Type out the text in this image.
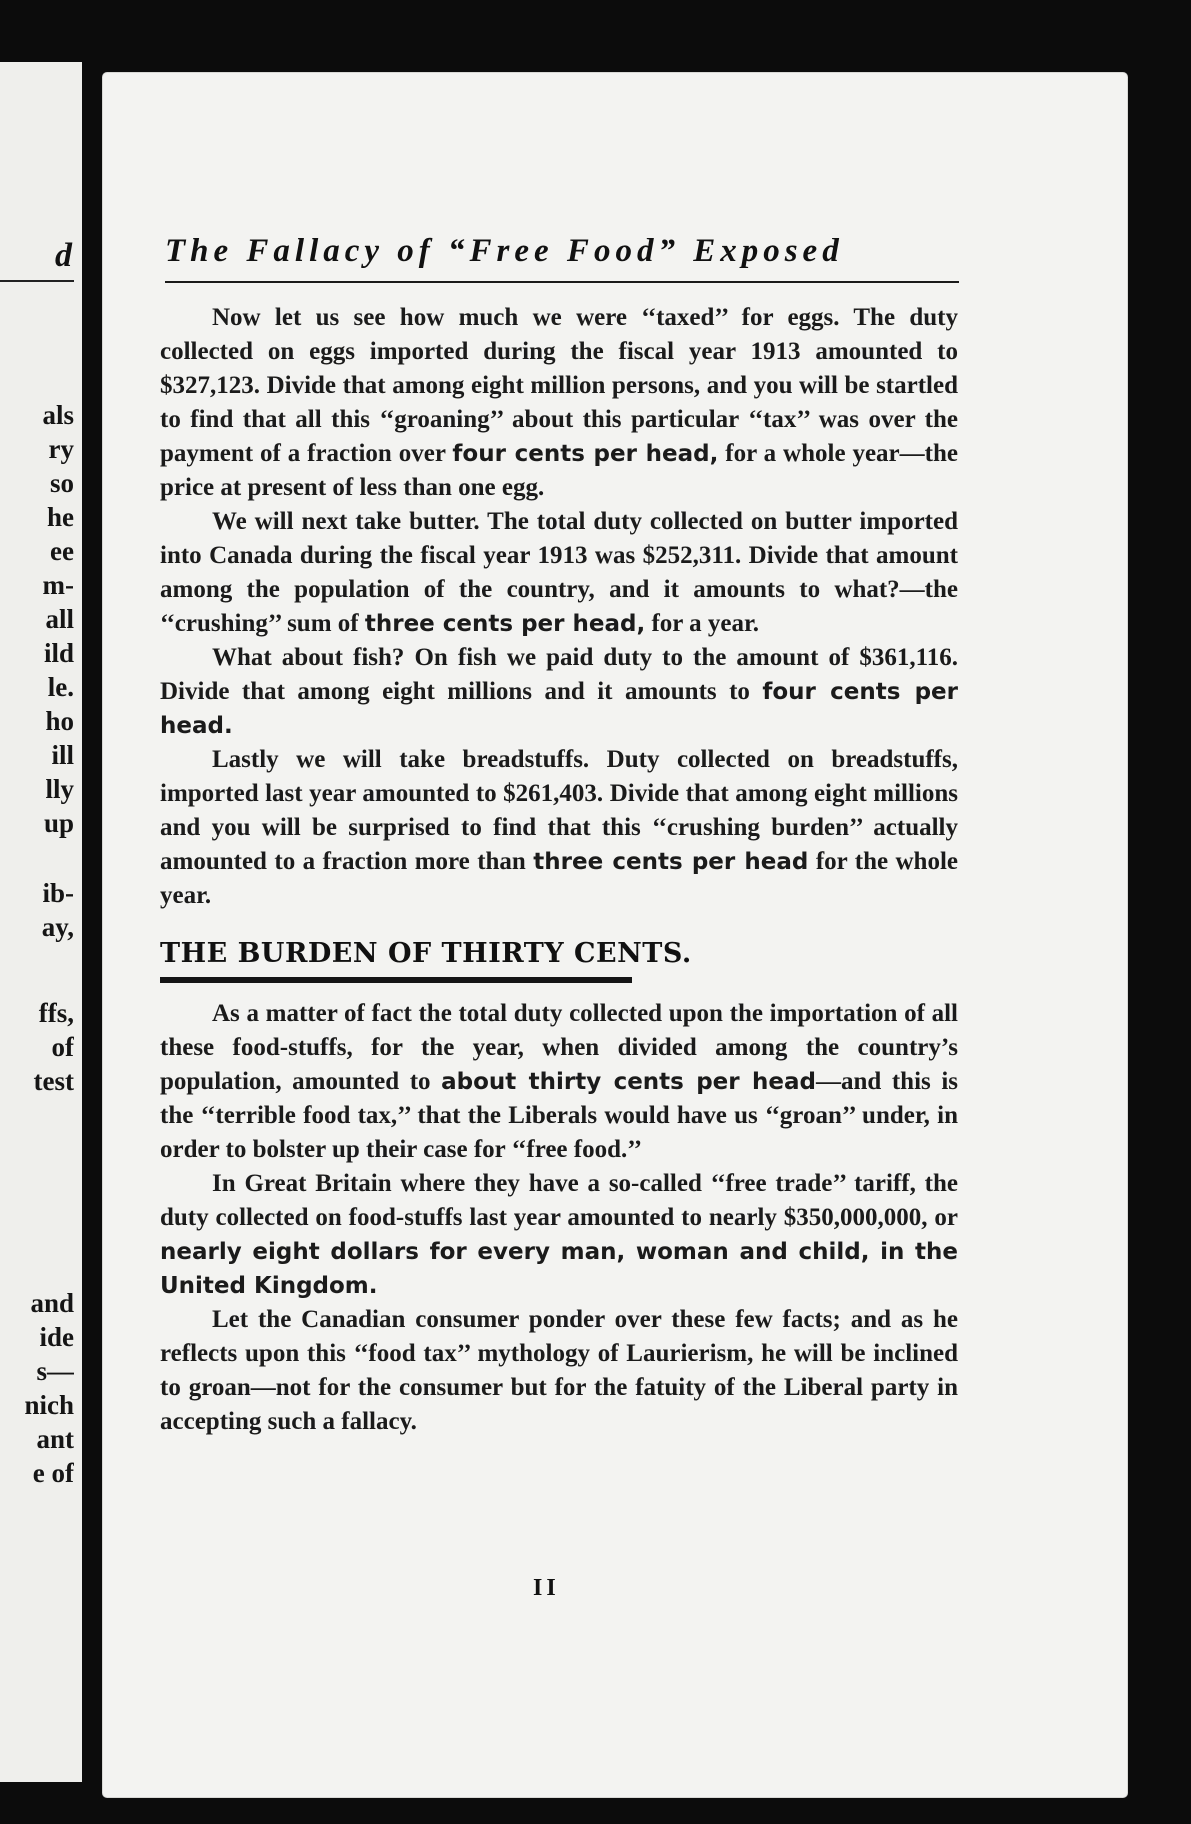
d
als
ry
so
he
ee
m-
all
ild
le.
ho
ill
lly
up
ib-
ay,
ffs,
of
test
and
ide
s—
nich
ant
e of
The Fallacy of “Free Food” Exposed

Now let us see how much we were ‘‘taxed’’ for eggs. The duty collected on eggs imported during the fiscal year 1913 amounted to $327,123. Divide that among eight million persons, and you will be startled to find that all this ‘‘groaning’’ about this particular ‘‘tax’’ was over the payment of a fraction over four cents per head, for a whole year—the price at present of less than one egg.

We will next take butter. The total duty collected on butter imported into Canada during the fiscal year 1913 was $252,311. Divide that amount among the population of the country, and it amounts to what?—the ‘‘crushing’’ sum of three cents per head, for a year.

What about fish? On fish we paid duty to the amount of $361,116. Divide that among eight millions and it amounts to four cents per head.

Lastly we will take breadstuffs. Duty collected on breadstuffs, imported last year amounted to $261,403. Divide that among eight millions and you will be surprised to find that this ‘‘crushing burden’’ actually amounted to a fraction more than three cents per head for the whole year.

THE BURDEN OF THIRTY CENTS.

As a matter of fact the total duty collected upon the importation of all these food-stuffs, for the year, when divided among the country’s population, amounted to about thirty cents per head—and this is the ‘‘terrible food tax,’’ that the Liberals would have us ‘‘groan’’ under, in order to bolster up their case for ‘‘free food.’’

In Great Britain where they have a so-called ‘‘free trade’’ tariff, the duty collected on food-stuffs last year amounted to nearly $350,000,000, or nearly eight dollars for every man, woman and child, in the United Kingdom.

Let the Canadian consumer ponder over these few facts; and as he reflects upon this ‘‘food tax’’ mythology of Laurierism, he will be inclined to groan—not for the consumer but for the fatuity of the Liberal party in accepting such a fallacy.

II
